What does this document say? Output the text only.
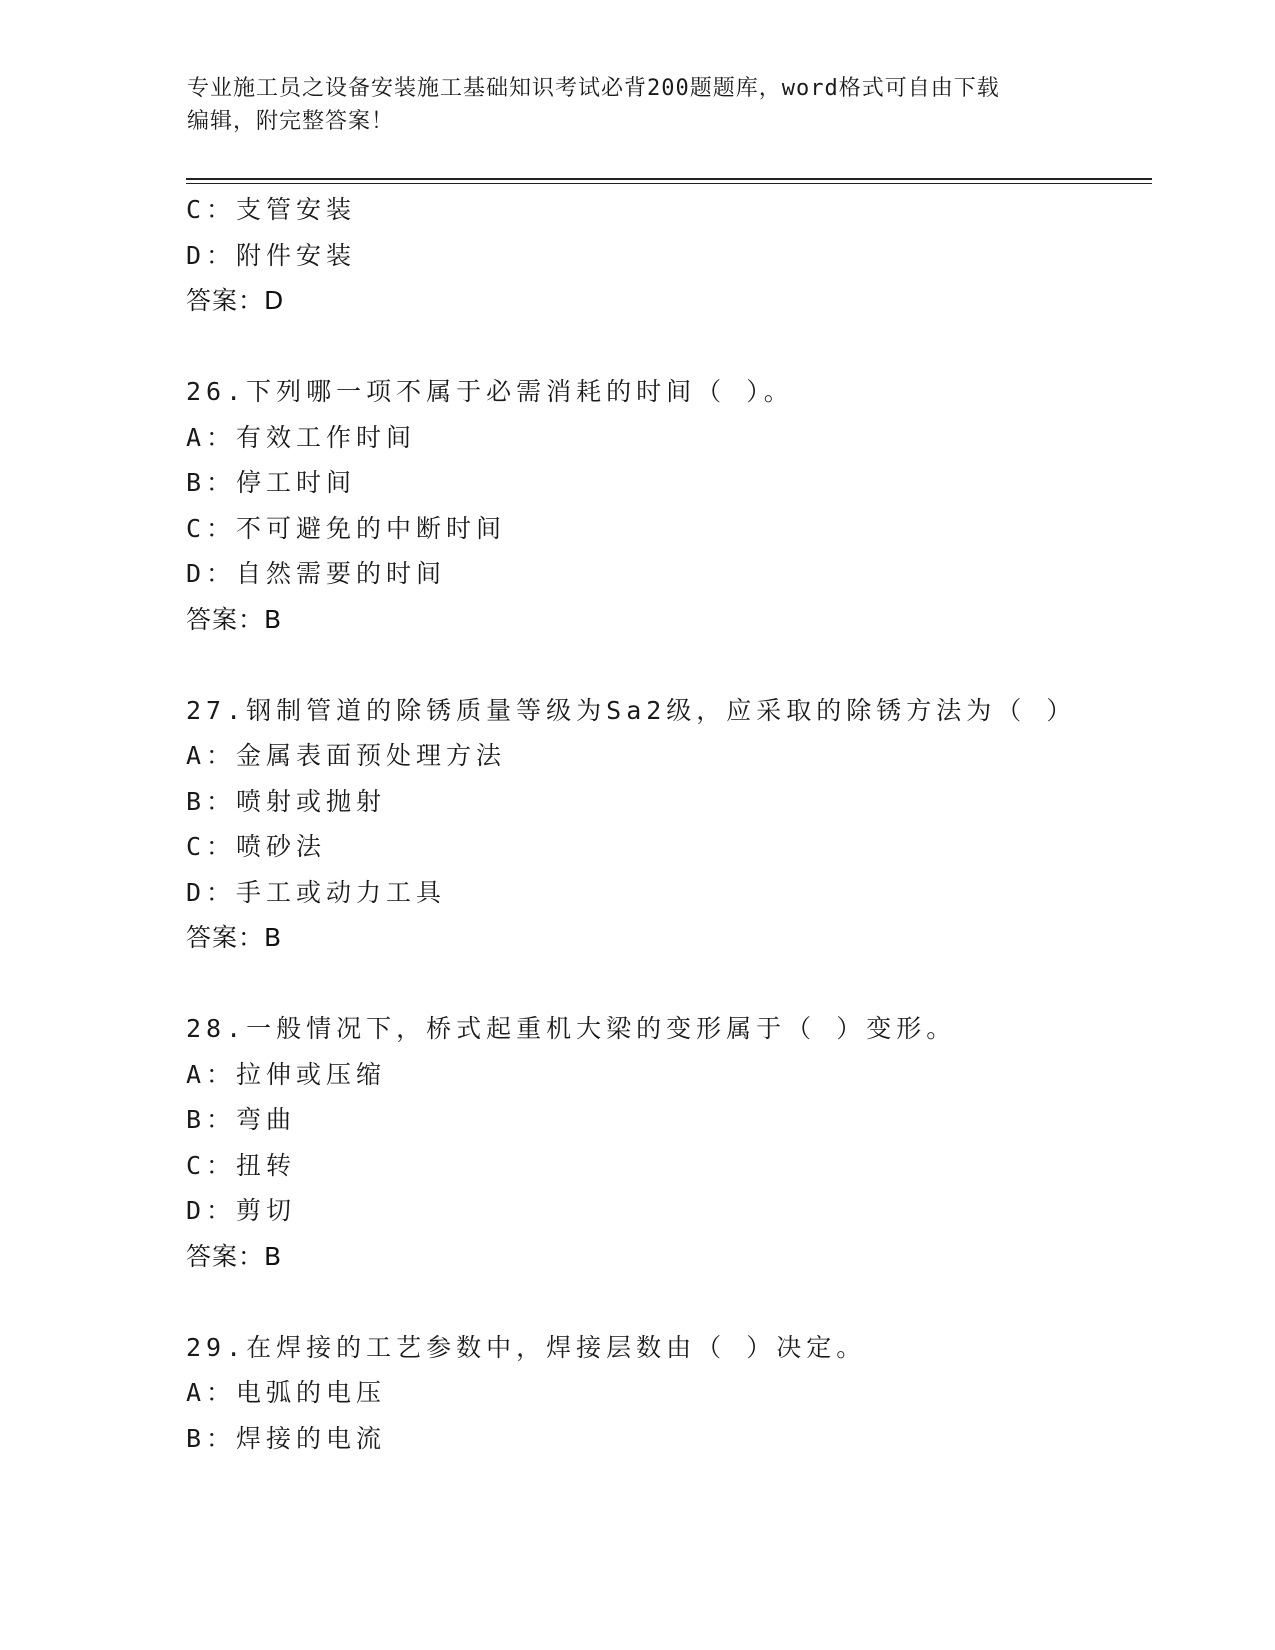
专业施工员之设备安装施工基础知识考试必背200题题库，word格式可自由下载
编辑，附完整答案！
C：支管安装
D：附件安装
答案：D
26.下列哪一项不属于必需消耗的时间（ ）。
A：有效工作时间
B：停工时间
C：不可避免的中断时间
D：自然需要的时间
答案：B
27.钢制管道的除锈质量等级为Sa2级，应采取的除锈方法为（ ）
A：金属表面预处理方法
B：喷射或抛射
C：喷砂法
D：手工或动力工具
答案：B
28.一般情况下，桥式起重机大梁的变形属于（ ）变形。
A：拉伸或压缩
B：弯曲
C：扭转
D：剪切
答案：B
29.在焊接的工艺参数中，焊接层数由（ ）决定。
A：电弧的电压
B：焊接的电流
